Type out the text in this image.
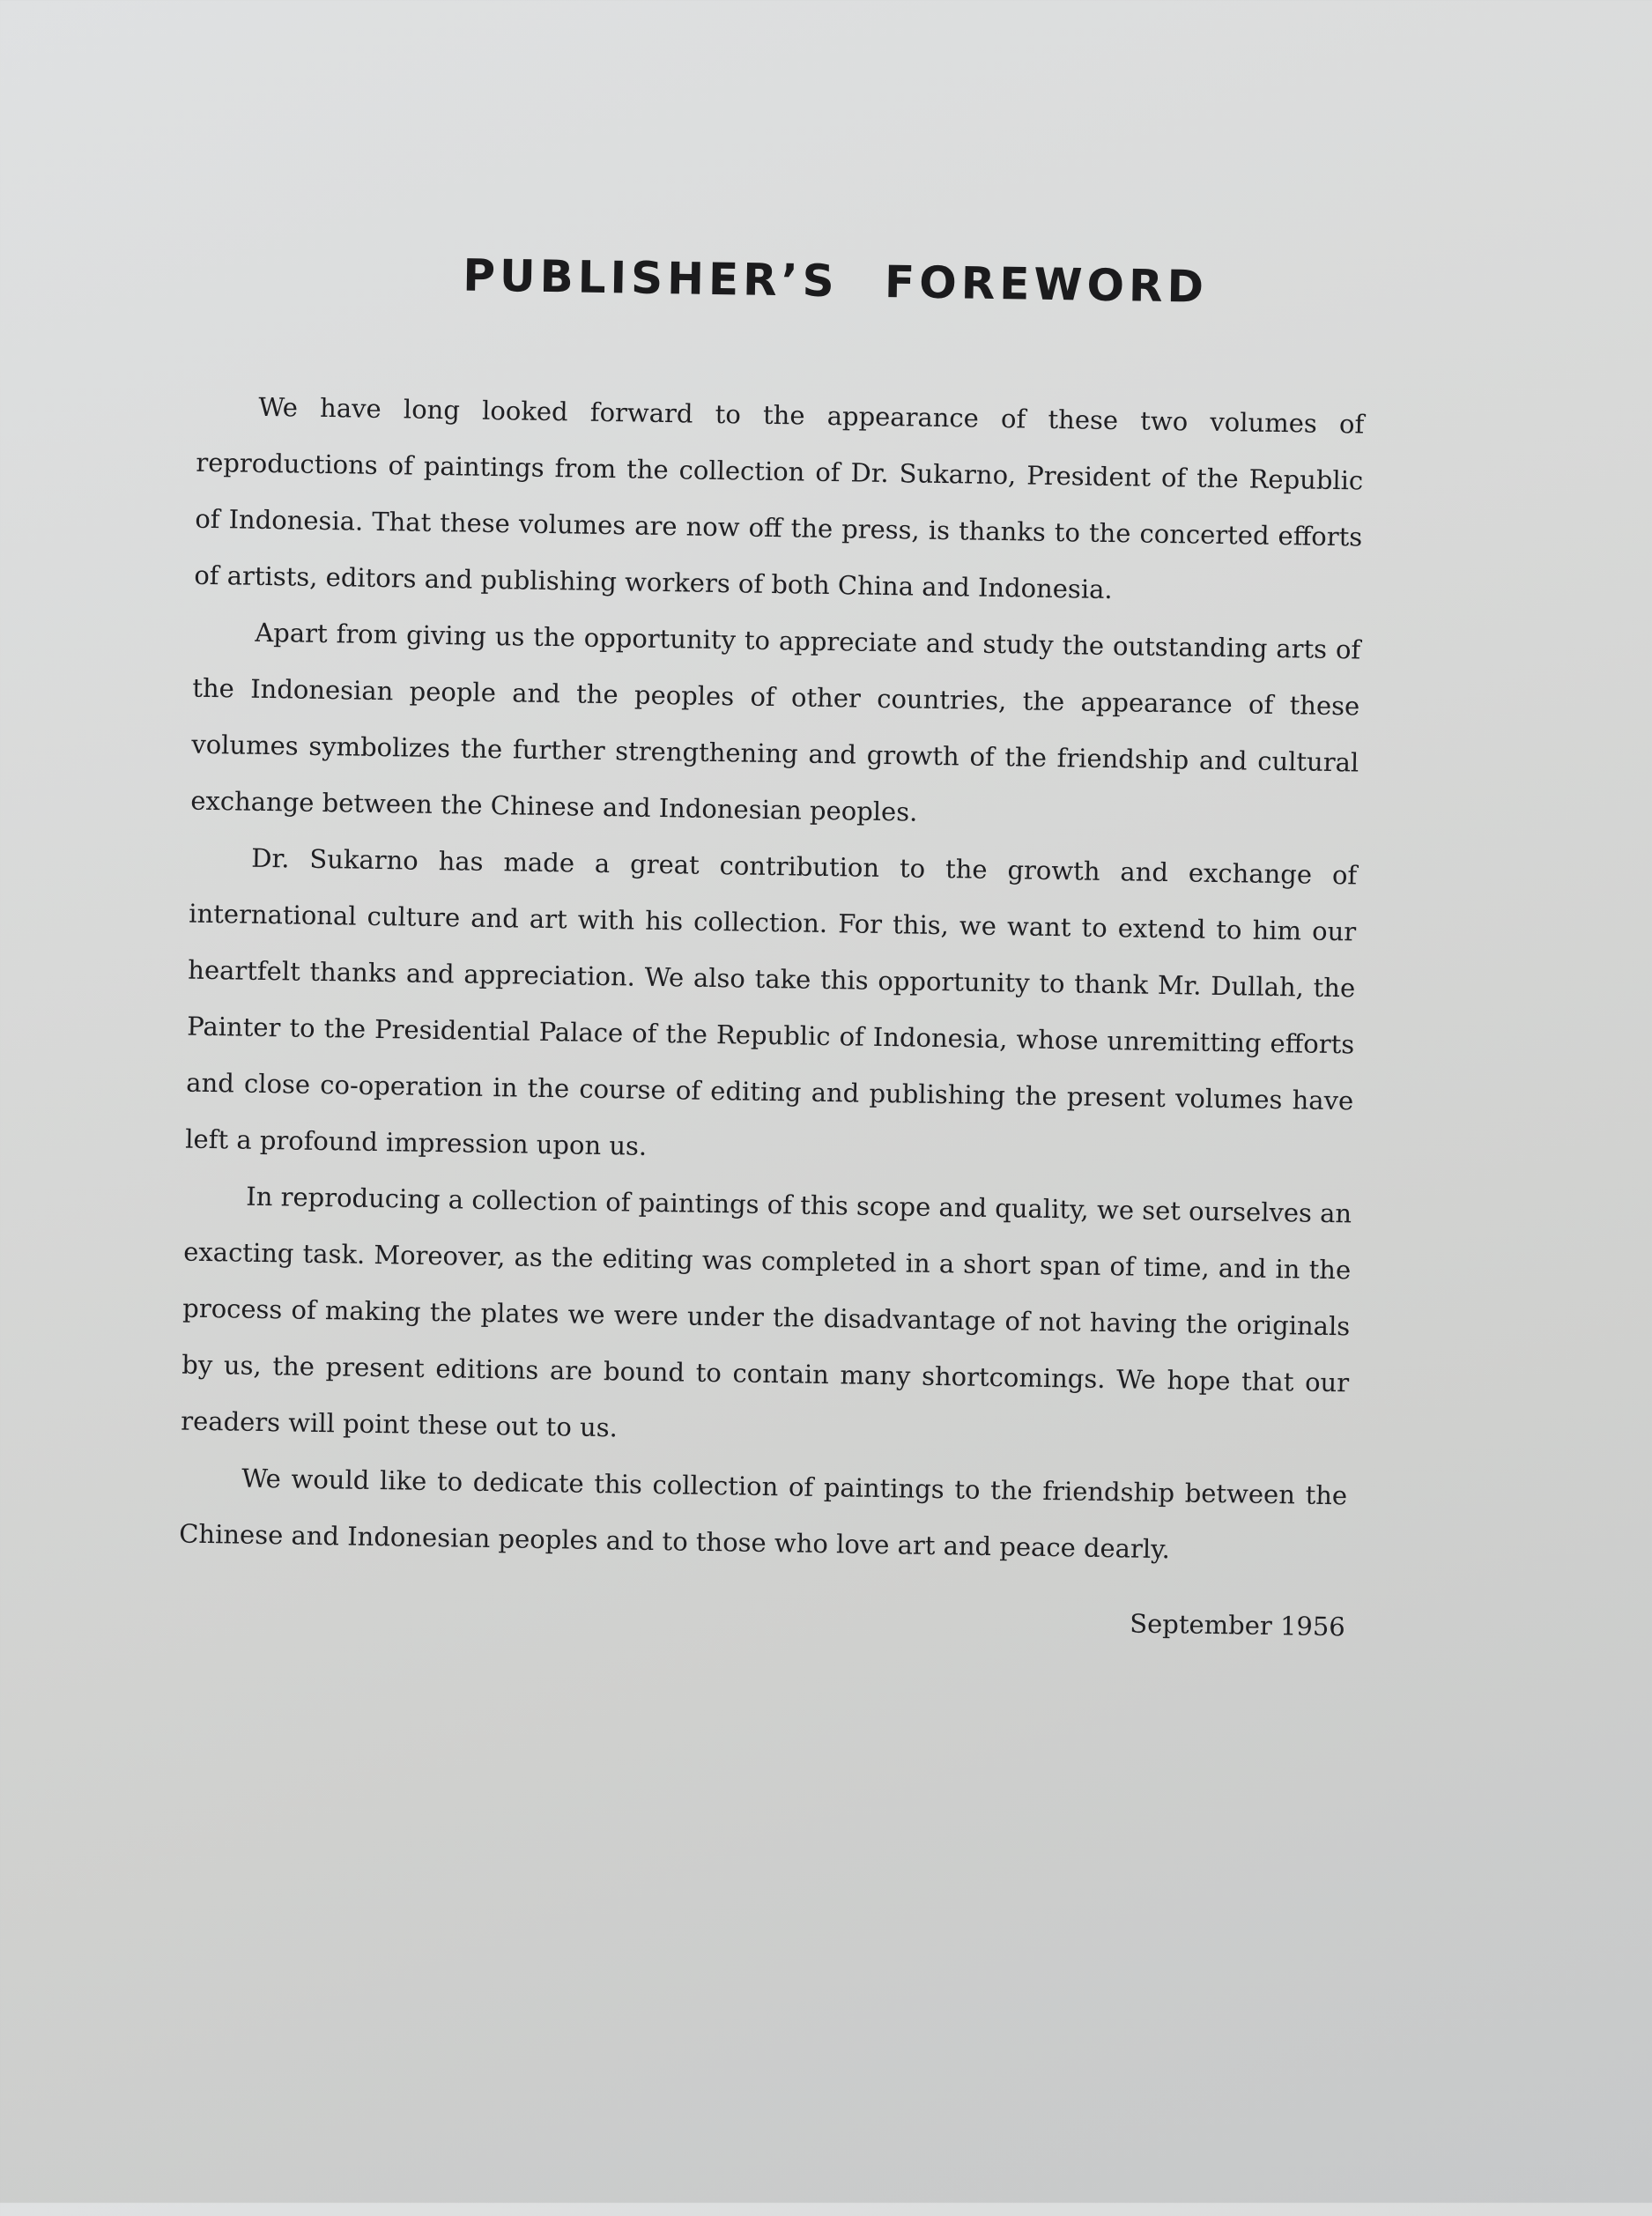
PUBLISHER’S FOREWORD

We have long looked forward to the appearance of these two volumes of reproductions of paintings from the collection of Dr. Sukarno, President of the Republic of Indonesia. That these volumes are now off the press, is thanks to the concerted efforts of artists, editors and publishing workers of both China and Indonesia.

Apart from giving us the opportunity to appreciate and study the outstanding arts of the Indonesian people and the peoples of other countries, the appearance of these volumes symbolizes the further strengthening and growth of the friendship and cultural exchange between the Chinese and Indonesian peoples.

Dr. Sukarno has made a great contribution to the growth and exchange of international culture and art with his collection. For this, we want to extend to him our heartfelt thanks and appreciation. We also take this opportunity to thank Mr. Dullah, the Painter to the Presidential Palace of the Republic of Indonesia, whose unremitting efforts and close co-operation in the course of editing and publishing the present volumes have left a profound impression upon us.

In reproducing a collection of paintings of this scope and quality, we set ourselves an exacting task. Moreover, as the editing was completed in a short span of time, and in the process of making the plates we were under the disadvantage of not having the originals by us, the present editions are bound to contain many shortcomings. We hope that our readers will point these out to us.

We would like to dedicate this collection of paintings to the friendship between the Chinese and Indonesian peoples and to those who love art and peace dearly.

September 1956
